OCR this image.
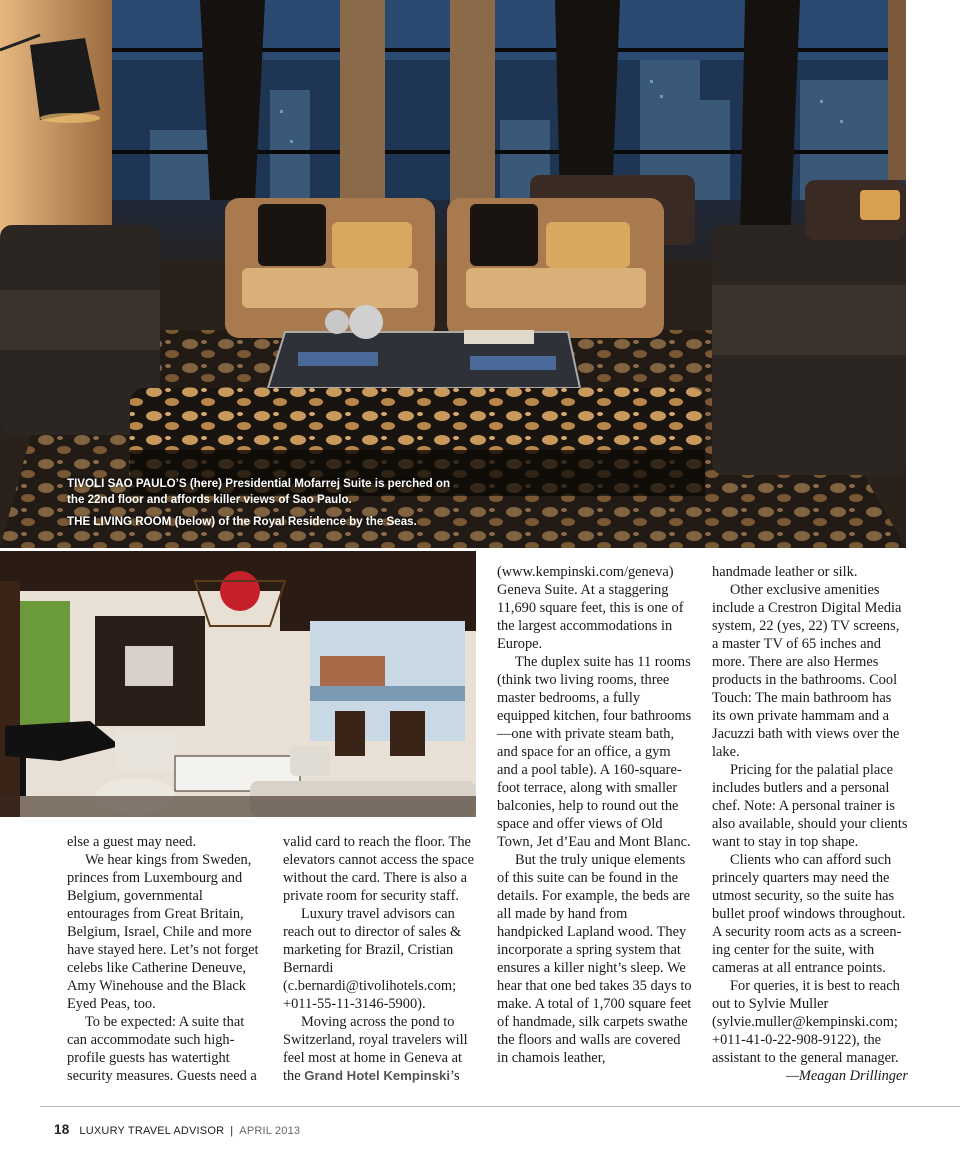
TIVOLI SAO PAULO’S (here) Presidential Mofarrej Suite is perched on the 22nd floor and affords killer views of Sao Paulo.
THE LIVING ROOM (below) of the Royal Residence by the Seas.

else a guest may need.

We hear kings from Sweden, princes from Luxembourg and Belgium, governmental entourages from Great Britain, Belgium, Israel, Chile and more have stayed here. Let’s not forget celebs like Catherine Deneuve, Amy Winehouse and the Black Eyed Peas, too.

To be expected: A suite that can accommodate such high-profile guests has watertight security measures. Guests need a

valid card to reach the floor. The elevators cannot access the space without the card. There is also a private room for security staff.

Luxury travel advisors can reach out to director of sales & marketing for Brazil, Cristian Bernardi (c.bernardi@tivolihotels.com; +011-55-11-3146-5900).

Moving across the pond to Switzerland, royal travelers will feel most at home in Geneva at the Grand Hotel Kempinski’s

(www.kempinski.com/geneva) Geneva Suite. At a staggering 11,690 square feet, this is one of the largest accommodations in Europe.

The duplex suite has 11 rooms (think two living rooms, three master bedrooms, a fully equipped kitchen, four bathrooms—one with private steam bath, and space for an office, a gym and a pool table). A 160-square-foot terrace, along with smaller balconies, help to round out the space and offer views of Old Town, Jet d’Eau and Mont Blanc.

But the truly unique elements of this suite can be found in the details. For example, the beds are all made by hand from handpicked Lapland wood. They incorporate a spring system that ensures a killer night’s sleep. We hear that one bed takes 35 days to make. A total of 1,700 square feet of handmade, silk carpets swathe the floors and walls are covered in chamois leather,

handmade leather or silk.

Other exclusive amenities include a Crestron Digital Media system, 22 (yes, 22) TV screens, a master TV of 65 inches and more. There are also Hermes products in the bathrooms. Cool Touch: The main bathroom has its own private hammam and a Jacuzzi bath with views over the lake.

Pricing for the palatial place includes butlers and a personal chef. Note: A personal trainer is also available, should your clients want to stay in top shape.

Clients who can afford such princely quarters may need the utmost security, so the suite has bullet proof windows throughout. A security room acts as a screening center for the suite, with cameras at all entrance points.

For queries, it is best to reach out to Sylvie Muller (sylvie.muller@kempinski.com; +011-41-0-22-908-9122), the assistant to the general manager.

—Meagan Drillinger

18 LUXURY TRAVEL ADVISOR | APRIL 2013
